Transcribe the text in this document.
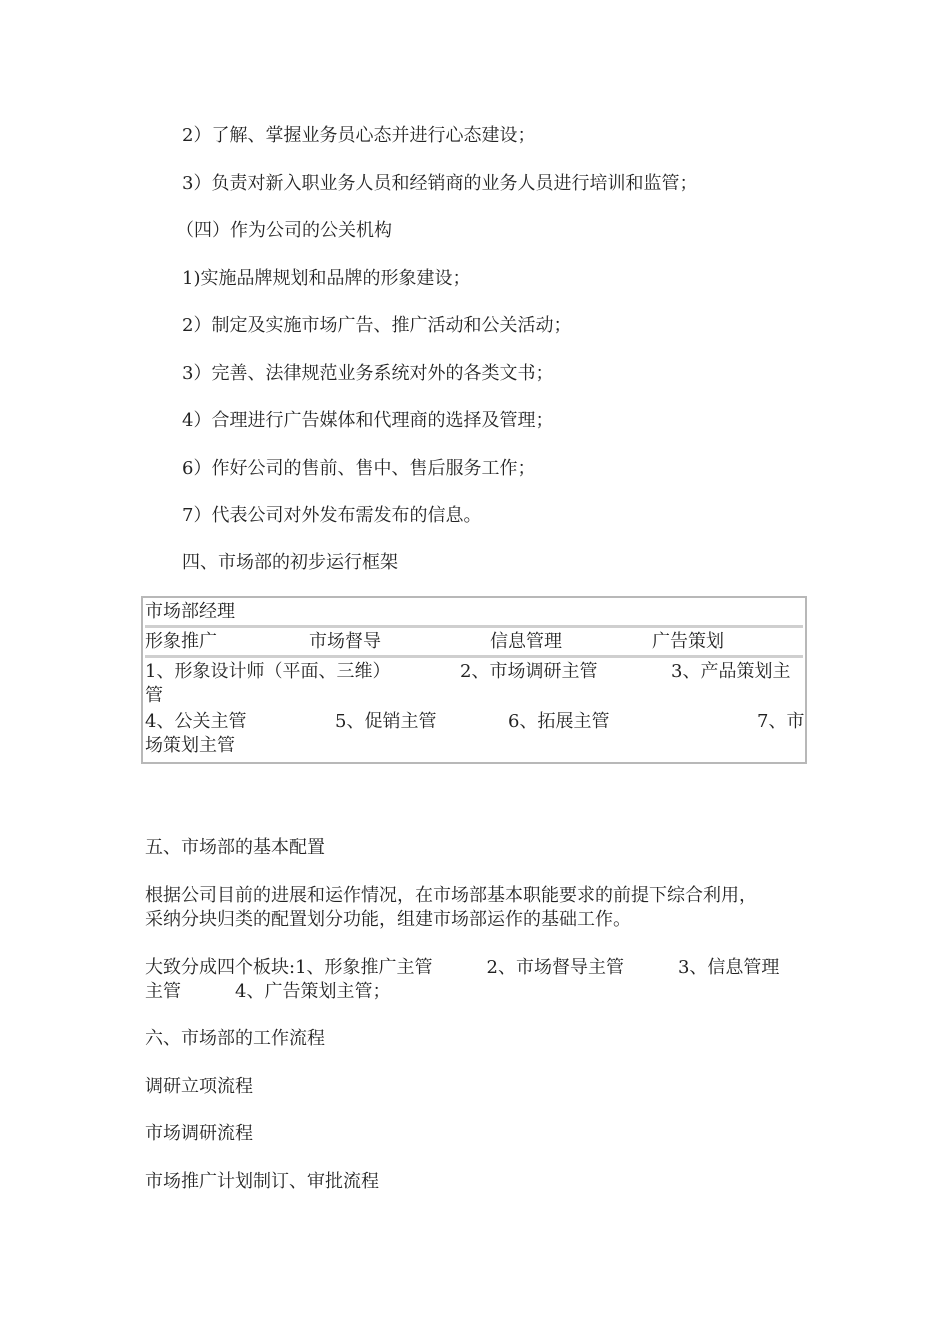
2）了解、掌握业务员心态并进行心态建设；

3）负责对新入职业务人员和经销商的业务人员进行培训和监管；

（四）作为公司的公关机构

1)实施品牌规划和品牌的形象建设；

2）制定及实施市场广告、推广活动和公关活动；

3）完善、法律规范业务系统对外的各类文书；

4）合理进行广告媒体和代理商的选择及管理；

6）作好公司的售前、售中、售后服务工作；

7）代表公司对外发布需发布的信息。

四、市场部的初步运行框架

市场部经理
形象推广	市场督导	信息管理	广告策划
1、形象设计师（平面、三维）	2、市场调研主管	3、产品策划主
管
4、公关主管	5、促销主管	6、拓展主管	7、市
场策划主管

五、市场部的基本配置

根据公司目前的进展和运作情况，在市场部基本职能要求的前提下综合利用，

采纳分块归类的配置划分功能，组建市场部运作的基础工作。

大致分成四个板块:1、形象推广主管　　　2、市场督导主管　　　3、信息管理

主管　　　4、广告策划主管；

六、市场部的工作流程

调研立项流程

市场调研流程

市场推广计划制订、审批流程
